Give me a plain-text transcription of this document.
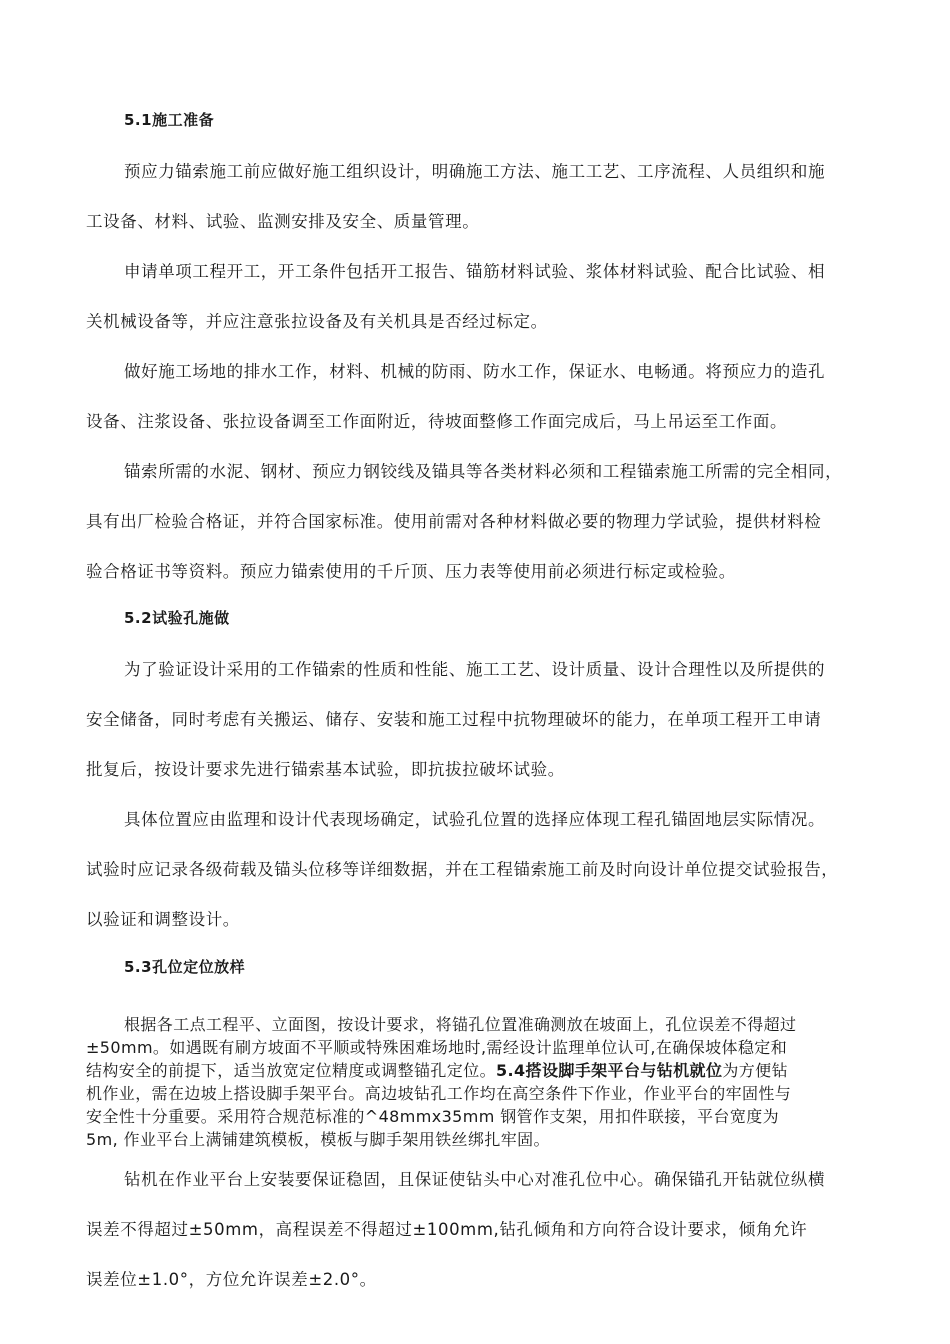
5.1施工准备
预应力锚索施工前应做好施工组织设计，明确施工方法、施工工艺、工序流程、人员组织和施
工设备、材料、试验、监测安排及安全、质量管理。
申请单项工程开工，开工条件包括开工报告、锚筋材料试验、浆体材料试验、配合比试验、相
关机械设备等，并应注意张拉设备及有关机具是否经过标定。
做好施工场地的排水工作，材料、机械的防雨、防水工作，保证水、电畅通。将预应力的造孔
设备、注浆设备、张拉设备调至工作面附近，待坡面整修工作面完成后，马上吊运至工作面。
锚索所需的水泥、钢材、预应力钢铰线及锚具等各类材料必须和工程锚索施工所需的完全相同，
具有出厂检验合格证，并符合国家标准。使用前需对各种材料做必要的物理力学试验，提供材料检
验合格证书等资料。预应力锚索使用的千斤顶、压力表等使用前必须进行标定或检验。
5.2试验孔施做
为了验证设计采用的工作锚索的性质和性能、施工工艺、设计质量、设计合理性以及所提供的
安全储备，同时考虑有关搬运、储存、安装和施工过程中抗物理破坏的能力，在单项工程开工申请
批复后，按设计要求先进行锚索基本试验，即抗拔拉破坏试验。
具体位置应由监理和设计代表现场确定，试验孔位置的选择应体现工程孔锚固地层实际情况。
试验时应记录各级荷载及锚头位移等详细数据，并在工程锚索施工前及时向设计单位提交试验报告，
以验证和调整设计。
5.3孔位定位放样
根据各工点工程平、立面图，按设计要求，将锚孔位置准确测放在坡面上，孔位误差不得超过
±50mm。如遇既有刷方坡面不平顺或特殊困难场地时,需经设计监理单位认可,在确保坡体稳定和
结构安全的前提下，适当放宽定位精度或调整锚孔定位。5.4搭设脚手架平台与钻机就位为方便钻
机作业，需在边坡上搭设脚手架平台。高边坡钻孔工作均在高空条件下作业，作业平台的牢固性与
安全性十分重要。采用符合规范标准的^48mmx35mm 钢管作支架，用扣件联接，平台宽度为
5m, 作业平台上满铺建筑模板，模板与脚手架用铁丝绑扎牢固。
钻机在作业平台上安装要保证稳固，且保证使钻头中心对准孔位中心。确保锚孔开钻就位纵横
误差不得超过±50mm，高程误差不得超过±100mm,钻孔倾角和方向符合设计要求，倾角允许
误差位±1.0°，方位允许误差±2.0°。
